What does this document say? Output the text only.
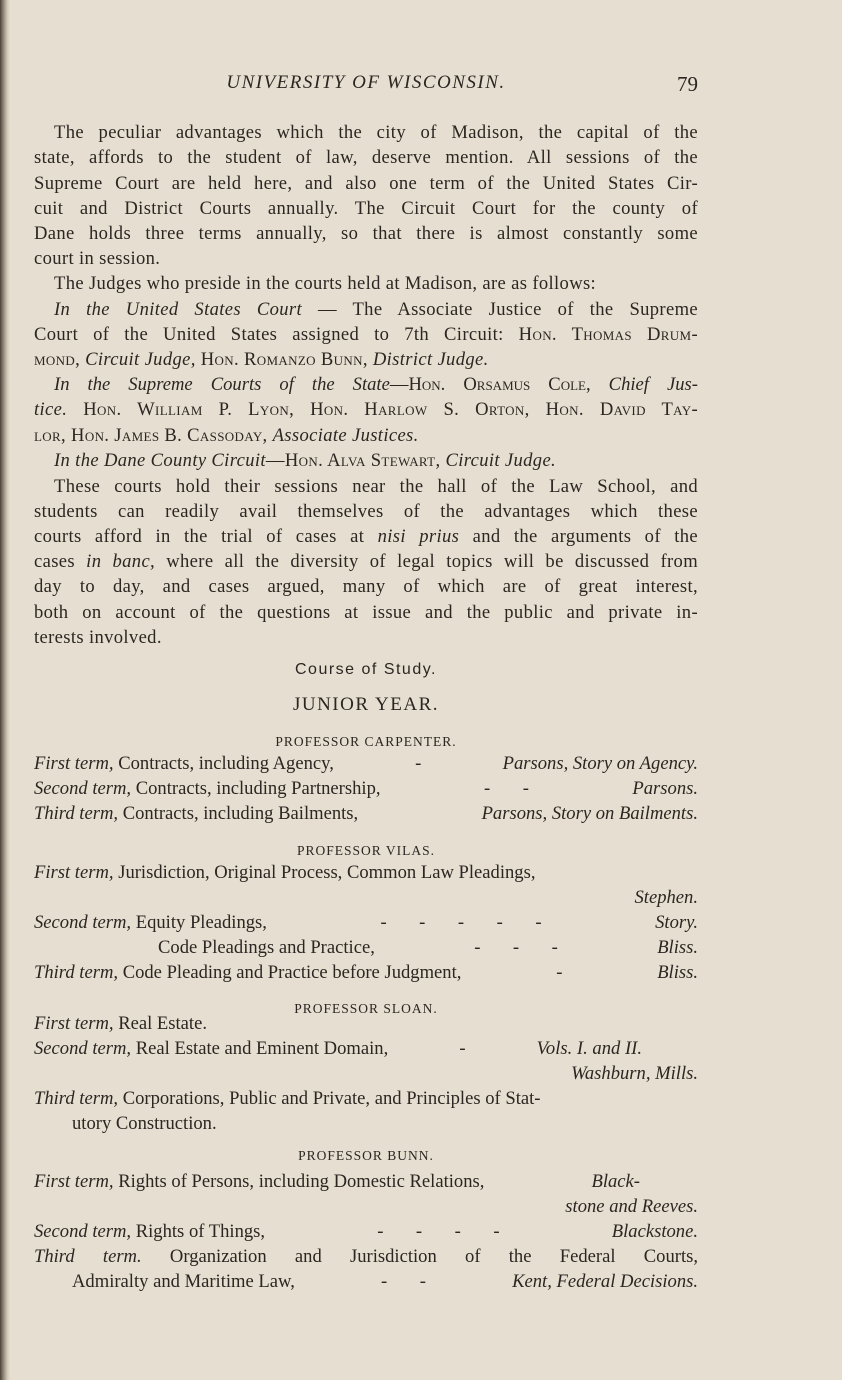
UNIVERSITY OF WISCONSIN.	79
The peculiar advantages which the city of Madison, the capital of the
state, affords to the student of law, deserve mention. All sessions of the
Supreme Court are held here, and also one term of the United States Cir-
cuit and District Courts annually. The Circuit Court for the county of
Dane holds three terms annually, so that there is almost constantly some
court in session.
The Judges who preside in the courts held at Madison, are as follows:
In the United States Court — The Associate Justice of the Supreme
Court of the United States assigned to 7th Circuit: Hon. Thomas Drum-
mond, Circuit Judge, Hon. Romanzo Bunn, District Judge.
In the Supreme Courts of the State—Hon. Orsamus Cole, Chief Jus-
tice. Hon. William P. Lyon, Hon. Harlow S. Orton, Hon. David Tay-
lor, Hon. James B. Cassoday, Associate Justices.
In the Dane County Circuit—Hon. Alva Stewart, Circuit Judge.
These courts hold their sessions near the hall of the Law School, and
students can readily avail themselves of the advantages which these
courts afford in the trial of cases at nisi prius and the arguments of the
cases in banc, where all the diversity of legal topics will be discussed from
day to day, and cases argued, many of which are of great interest,
both on account of the questions at issue and the public and private in-
terests involved.
Course of Study.
JUNIOR YEAR.
PROFESSOR CARPENTER.
First term, Contracts, including Agency,	-	Parsons, Story on Agency.
Second term, Contracts, including Partnership,	-       -	Parsons.
Third term, Contracts, including Bailments,	Parsons, Story on Bailments.
PROFESSOR VILAS.
First term, Jurisdiction, Original Process, Common Law Pleadings,
Stephen.
Second term, Equity Pleadings,	-       -       -       -       -	Story.
Code Pleadings and Practice,	-       -       -	Bliss.
Third term, Code Pleading and Practice before Judgment,	-	Bliss.
PROFESSOR SLOAN.
First term, Real Estate.
Second term, Real Estate and Eminent Domain,	-	Vols. I. and II.
Washburn, Mills.
Third term, Corporations, Public and Private, and Principles of Stat-
utory Construction.
PROFESSOR BUNN.
First term, Rights of Persons, including Domestic Relations,	Black-
stone and Reeves.
Second term, Rights of Things,	-       -       -       -	Blackstone.
Third term. Organization and Jurisdiction of the Federal Courts,
Admiralty and Maritime Law,	-       -	Kent, Federal Decisions.
